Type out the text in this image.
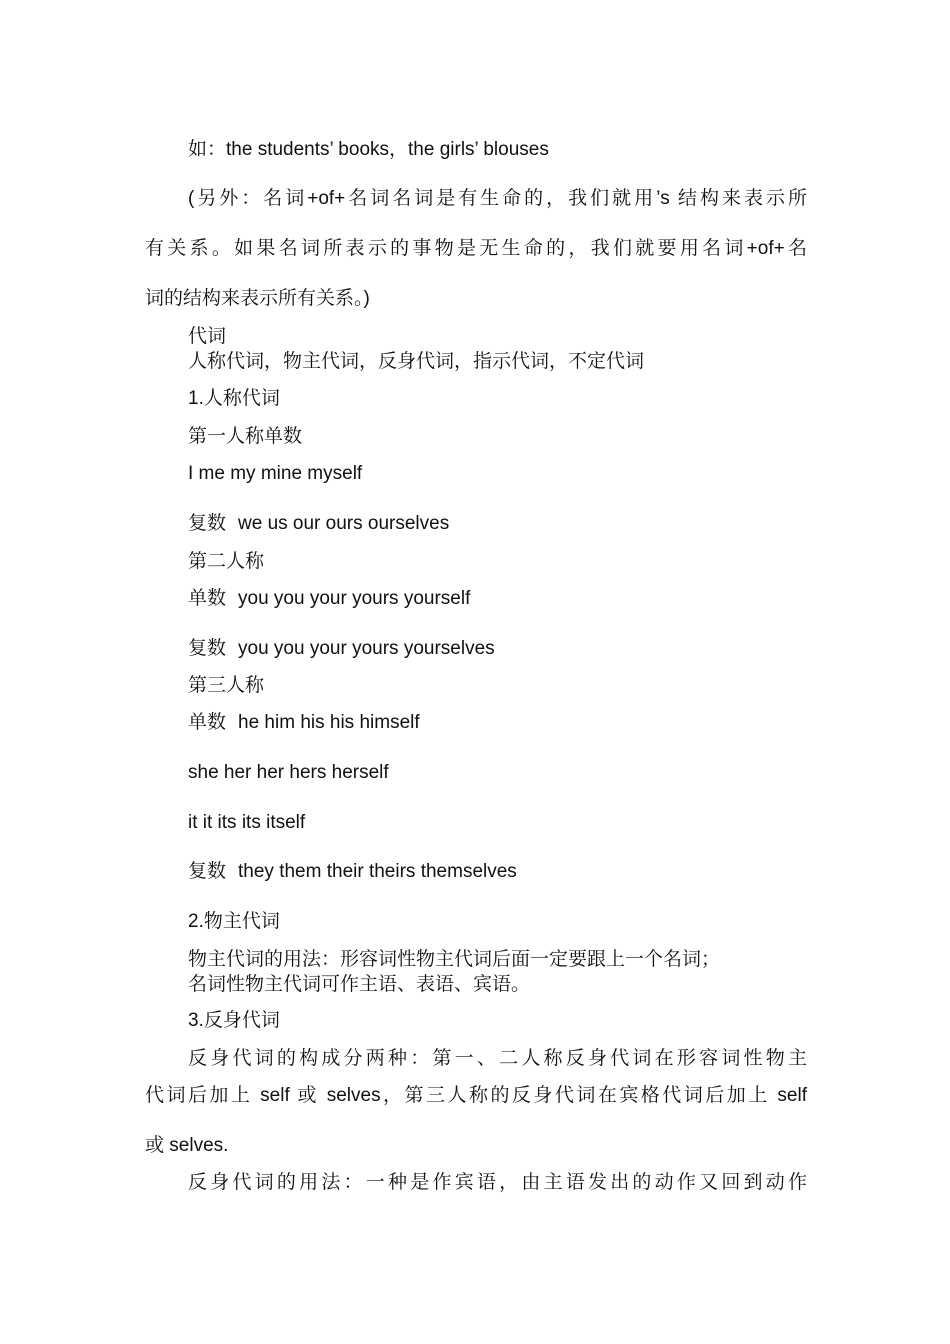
如：the students’ books，the girls’ blouses
(另外：名词+of+名词名词是有生命的，我们就用’s 结构来表示所
有关系。如果名词所表示的事物是无生命的，我们就要用名词+of+名
词的结构来表示所有关系。)
代词
人称代词，物主代词，反身代词，指示代词，不定代词
1.人称代词
第一人称单数
I me my mine myself
复数 we us our ours ourselves
第二人称
单数 you you your yours yourself
复数 you you your yours yourselves
第三人称
单数 he him his his himself
she her her hers herself
it it its its itself
复数 they them their theirs themselves
2.物主代词
物主代词的用法：形容词性物主代词后面一定要跟上一个名词；
名词性物主代词可作主语、表语、宾语。
3.反身代词
反身代词的构成分两种：第一、二人称反身代词在形容词性物主
代词后加上 self 或 selves，第三人称的反身代词在宾格代词后加上 self
或 selves.
反身代词的用法：一种是作宾语，由主语发出的动作又回到动作
